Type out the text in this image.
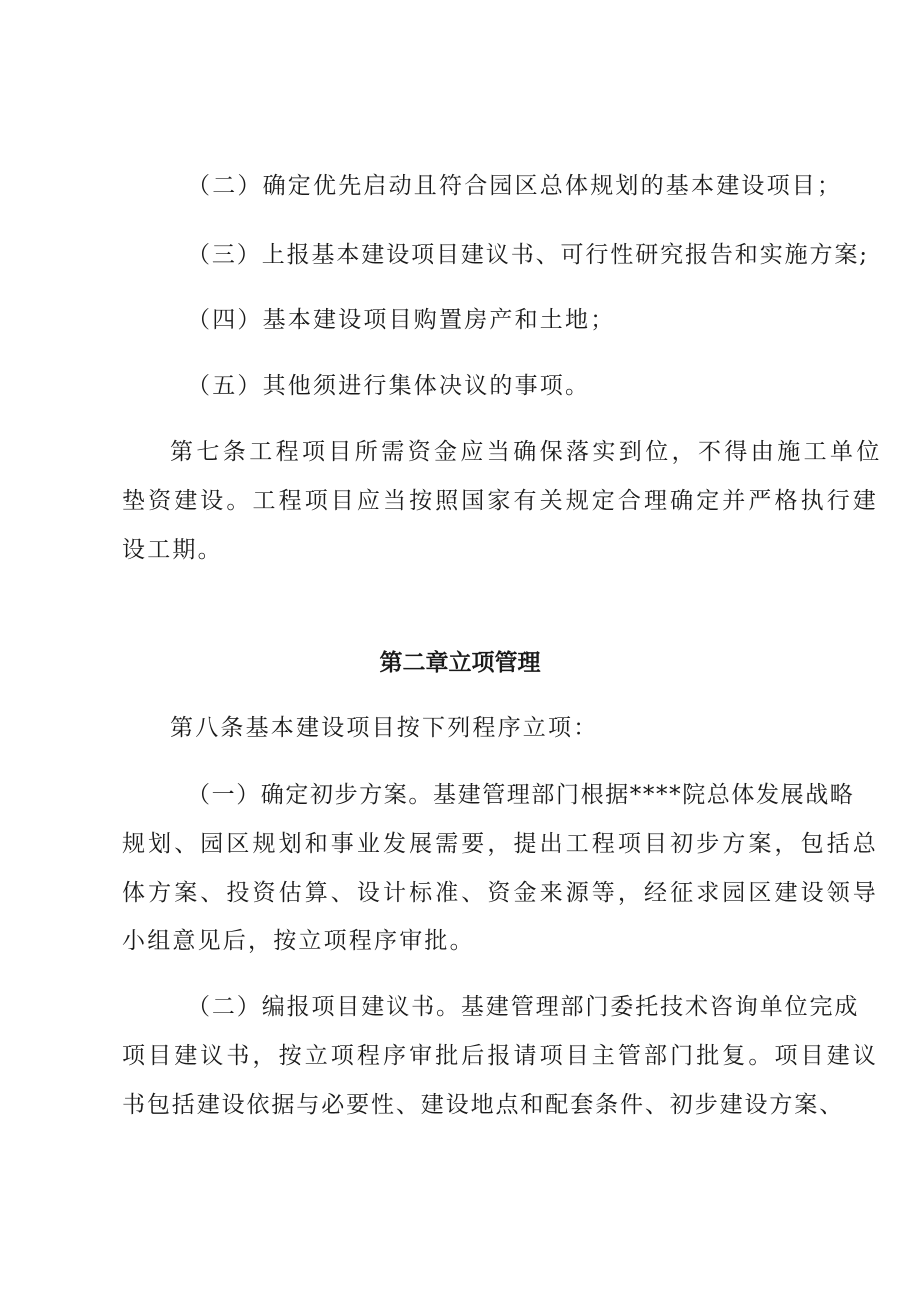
（二）确定优先启动且符合园区总体规划的基本建设项目；
（三）上报基本建设项目建议书、可行性研究报告和实施方案;
（四）基本建设项目购置房产和土地；
（五）其他须进行集体决议的事项。
第七条工程项目所需资金应当确保落实到位，不得由施工单位
垫资建设。工程项目应当按照国家有关规定合理确定并严格执行建
设工期。
第二章立项管理
第八条基本建设项目按下列程序立项：
（一）确定初步方案。基建管理部门根据****院总体发展战略
规划、园区规划和事业发展需要，提出工程项目初步方案，包括总
体方案、投资估算、设计标准、资金来源等，经征求园区建设领导
小组意见后，按立项程序审批。
（二）编报项目建议书。基建管理部门委托技术咨询单位完成
项目建议书，按立项程序审批后报请项目主管部门批复。项目建议
书包括建设依据与必要性、建设地点和配套条件、初步建设方案、
